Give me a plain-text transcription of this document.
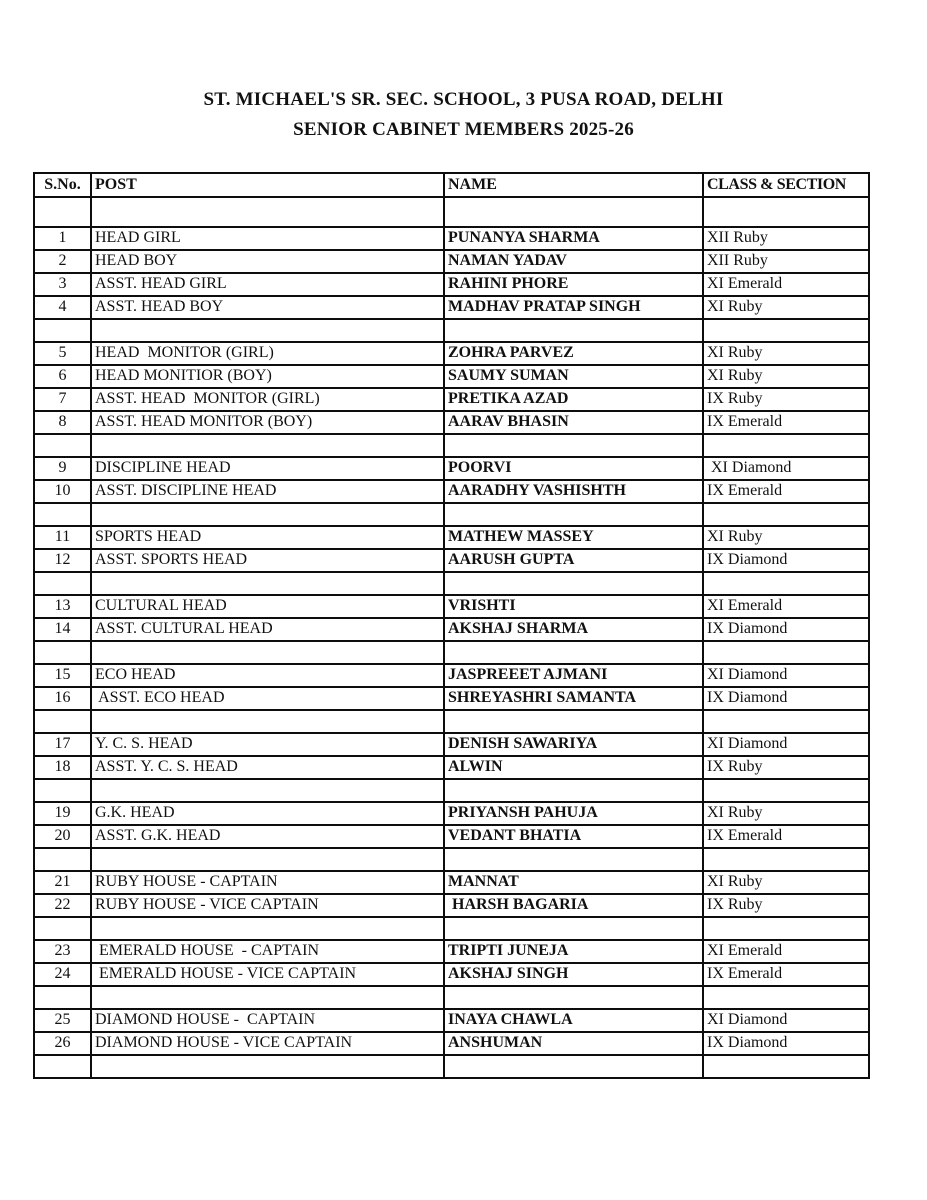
ST. MICHAEL'S SR. SEC. SCHOOL, 3 PUSA ROAD, DELHI
SENIOR CABINET MEMBERS 2025-26
S.No.	POST	NAME	CLASS & SECTION

1	HEAD GIRL	PUNANYA SHARMA	XII Ruby
2	HEAD BOY	NAMAN YADAV	XII Ruby
3	ASST. HEAD GIRL	RAHINI PHORE	XI Emerald
4	ASST. HEAD BOY	MADHAV PRATAP SINGH	XI Ruby

5	HEAD  MONITOR (GIRL)	ZOHRA PARVEZ	XI Ruby
6	HEAD MONITIOR (BOY)	SAUMY SUMAN	XI Ruby
7	ASST. HEAD  MONITOR (GIRL)	PRETIKA AZAD	IX Ruby
8	ASST. HEAD MONITOR (BOY)	AARAV BHASIN	IX Emerald

9	DISCIPLINE HEAD	POORVI	XI Diamond
10	ASST. DISCIPLINE HEAD	AARADHY VASHISHTH	IX Emerald

11	SPORTS HEAD	MATHEW MASSEY	XI Ruby
12	ASST. SPORTS HEAD	AARUSH GUPTA	IX Diamond

13	CULTURAL HEAD	VRISHTI	XI Emerald
14	ASST. CULTURAL HEAD	AKSHAJ SHARMA	IX Diamond

15	ECO HEAD	JASPREEET AJMANI	XI Diamond
16	ASST. ECO HEAD	SHREYASHRI SAMANTA	IX Diamond

17	Y. C. S. HEAD	DENISH SAWARIYA	XI Diamond
18	ASST. Y. C. S. HEAD	ALWIN	IX Ruby

19	G.K. HEAD	PRIYANSH PAHUJA	XI Ruby
20	ASST. G.K. HEAD	VEDANT BHATIA	IX Emerald

21	RUBY HOUSE - CAPTAIN	MANNAT	XI Ruby
22	RUBY HOUSE - VICE CAPTAIN	HARSH BAGARIA	IX Ruby

23	EMERALD HOUSE  - CAPTAIN	TRIPTI JUNEJA	XI Emerald
24	EMERALD HOUSE - VICE CAPTAIN	AKSHAJ SINGH	IX Emerald

25	DIAMOND HOUSE -  CAPTAIN	INAYA CHAWLA	XI Diamond
26	DIAMOND HOUSE - VICE CAPTAIN	ANSHUMAN	IX Diamond
